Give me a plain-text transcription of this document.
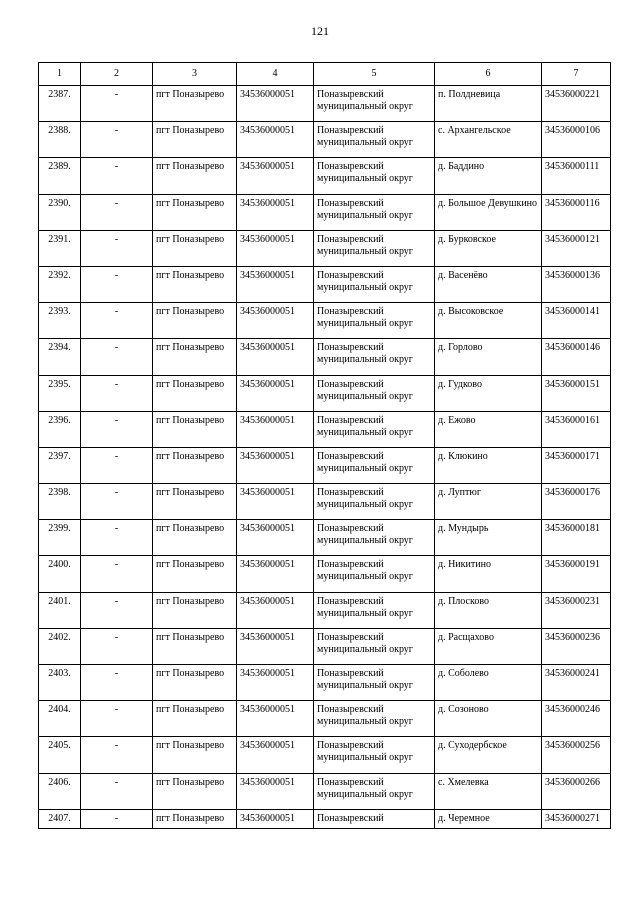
121
1	2	3	4	5	6	7
2387.	-	пгт Поназырево	34536000051	Поназыревский муниципальный округ	п. Полдневица	34536000221
2388.	-	пгт Поназырево	34536000051	Поназыревский муниципальный округ	с. Архангельское	34536000106
2389.	-	пгт Поназырево	34536000051	Поназыревский муниципальный округ	д. Баддино	34536000111
2390.	-	пгт Поназырево	34536000051	Поназыревский муниципальный округ	д. Большое Девушкино	34536000116
2391.	-	пгт Поназырево	34536000051	Поназыревский муниципальный округ	д. Бурковское	34536000121
2392.	-	пгт Поназырево	34536000051	Поназыревский муниципальный округ	д. Васенёво	34536000136
2393.	-	пгт Поназырево	34536000051	Поназыревский муниципальный округ	д. Высоковское	34536000141
2394.	-	пгт Поназырево	34536000051	Поназыревский муниципальный округ	д. Горлово	34536000146
2395.	-	пгт Поназырево	34536000051	Поназыревский муниципальный округ	д. Гудково	34536000151
2396.	-	пгт Поназырево	34536000051	Поназыревский муниципальный округ	д. Ежово	34536000161
2397.	-	пгт Поназырево	34536000051	Поназыревский муниципальный округ	д. Клюкино	34536000171
2398.	-	пгт Поназырево	34536000051	Поназыревский муниципальный округ	д. Луптюг	34536000176
2399.	-	пгт Поназырево	34536000051	Поназыревский муниципальный округ	д. Мундырь	34536000181
2400.	-	пгт Поназырево	34536000051	Поназыревский муниципальный округ	д. Никитино	34536000191
2401.	-	пгт Поназырево	34536000051	Поназыревский муниципальный округ	д. Плосково	34536000231
2402.	-	пгт Поназырево	34536000051	Поназыревский муниципальный округ	д. Расщахово	34536000236
2403.	-	пгт Поназырево	34536000051	Поназыревский муниципальный округ	д. Соболево	34536000241
2404.	-	пгт Поназырево	34536000051	Поназыревский муниципальный округ	д. Созоново	34536000246
2405.	-	пгт Поназырево	34536000051	Поназыревский муниципальный округ	д. Суходербское	34536000256
2406.	-	пгт Поназырево	34536000051	Поназыревский муниципальный округ	с. Хмелевка	34536000266
2407.	-	пгт Поназырево	34536000051	Поназыревский	д. Черемное	34536000271
